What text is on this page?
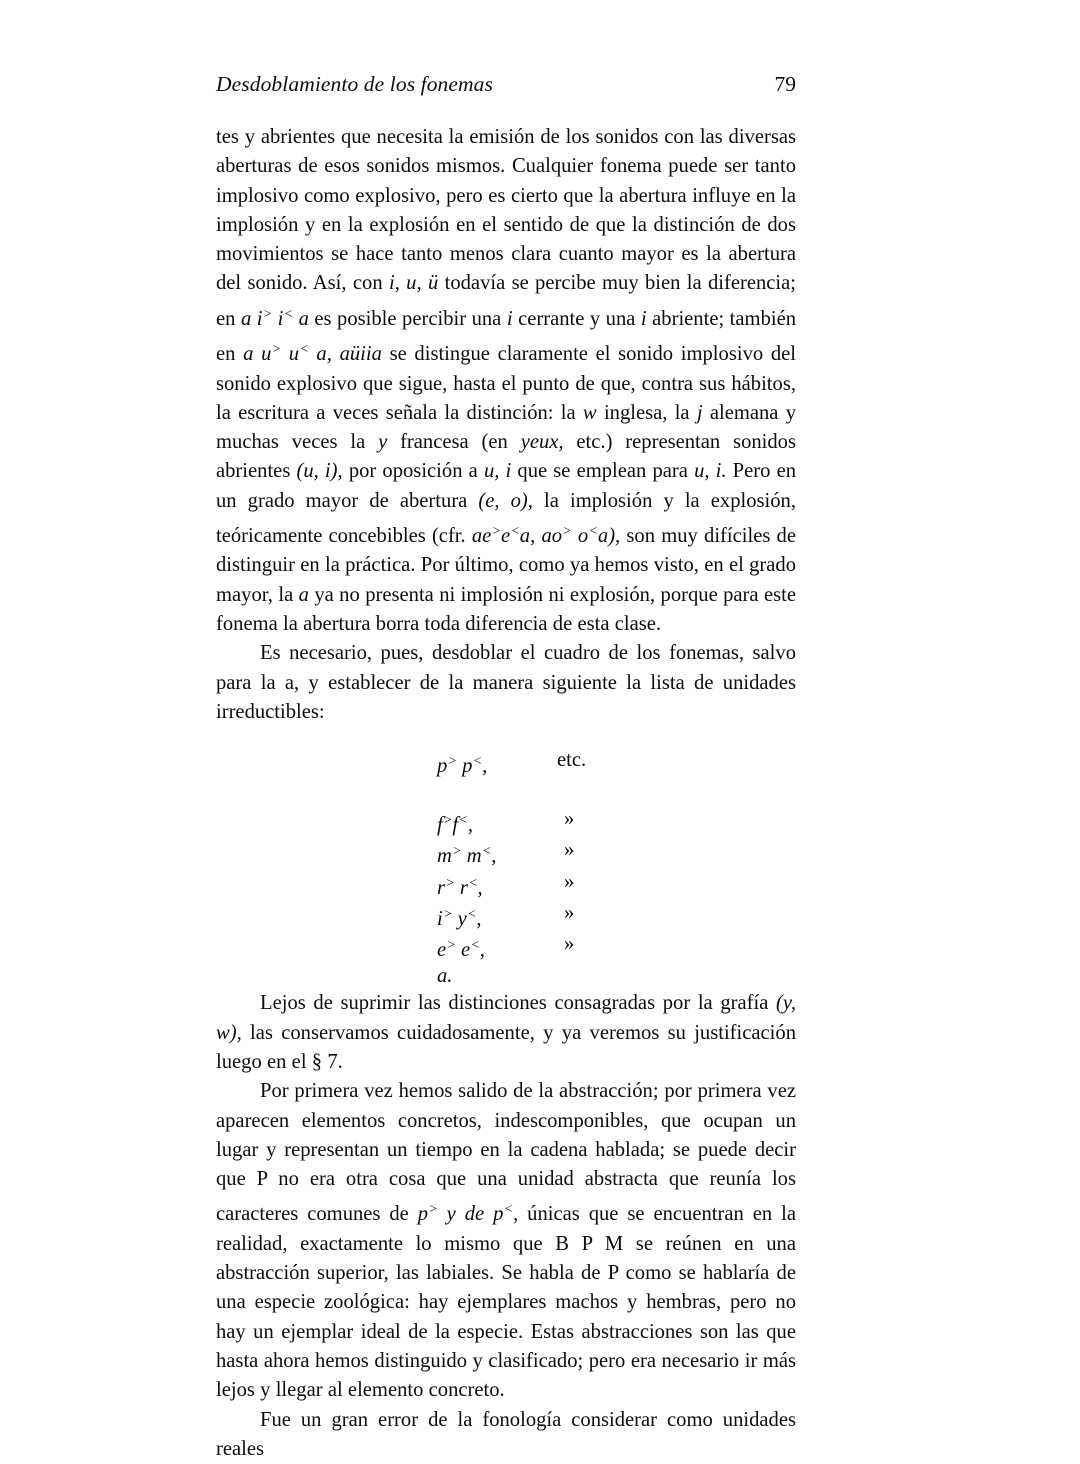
Desdoblamiento de los fonemas	79

tes y abrientes que necesita la emisión de los sonidos con las diversas aberturas de esos sonidos mismos. Cualquier fonema puede ser tanto implosivo como explosivo, pero es cierto que la abertura influye en la implosión y en la explosión en el sentido de que la distinción de dos movimientos se hace tanto menos clara cuanto mayor es la abertura del sonido. Así, con i, u, ü todavía se percibe muy bien la diferencia; en a i> i< a es posible percibir una i cerrante y una i abriente; también en a u> u< a, aüiia se distingue claramente el sonido implosivo del sonido explosivo que sigue, hasta el punto de que, contra sus hábitos, la escritura a veces señala la distinción: la w inglesa, la j alemana y muchas veces la y francesa (en yeux, etc.) representan sonidos abrientes (u, i), por oposición a u, i que se emplean para u, i. Pero en un grado mayor de abertura (e, o), la implosión y la explosión, teóricamente concebibles (cfr. ae>e<a, ao> o<a), son muy difíciles de distinguir en la práctica. Por último, como ya hemos visto, en el grado mayor, la a ya no presenta ni implosión ni explosión, porque para este fonema la abertura borra toda diferencia de esta clase.

Es necesario, pues, desdoblar el cuadro de los fonemas, salvo para la a, y establecer de la manera siguiente la lista de unidades irreductibles:

p> p<,	etc.
f>f<,	»
m> m<,	»
r> r<,	»
i> y<,	»
e> e<,	»
a.

Lejos de suprimir las distinciones consagradas por la grafía (y, w), las conservamos cuidadosamente, y ya veremos su justificación luego en el § 7.

Por primera vez hemos salido de la abstracción; por primera vez aparecen elementos concretos, indescomponibles, que ocupan un lugar y representan un tiempo en la cadena hablada; se puede decir que P no era otra cosa que una unidad abstracta que reunía los caracteres comunes de p> y de p<, únicas que se encuentran en la realidad, exactamente lo mismo que B P M se reúnen en una abstracción superior, las labiales. Se habla de P como se hablaría de una especie zoológica: hay ejemplares machos y hembras, pero no hay un ejemplar ideal de la especie. Estas abstracciones son las que hasta ahora hemos distinguido y clasificado; pero era necesario ir más lejos y llegar al elemento concreto.

Fue un gran error de la fonología considerar como unidades reales
